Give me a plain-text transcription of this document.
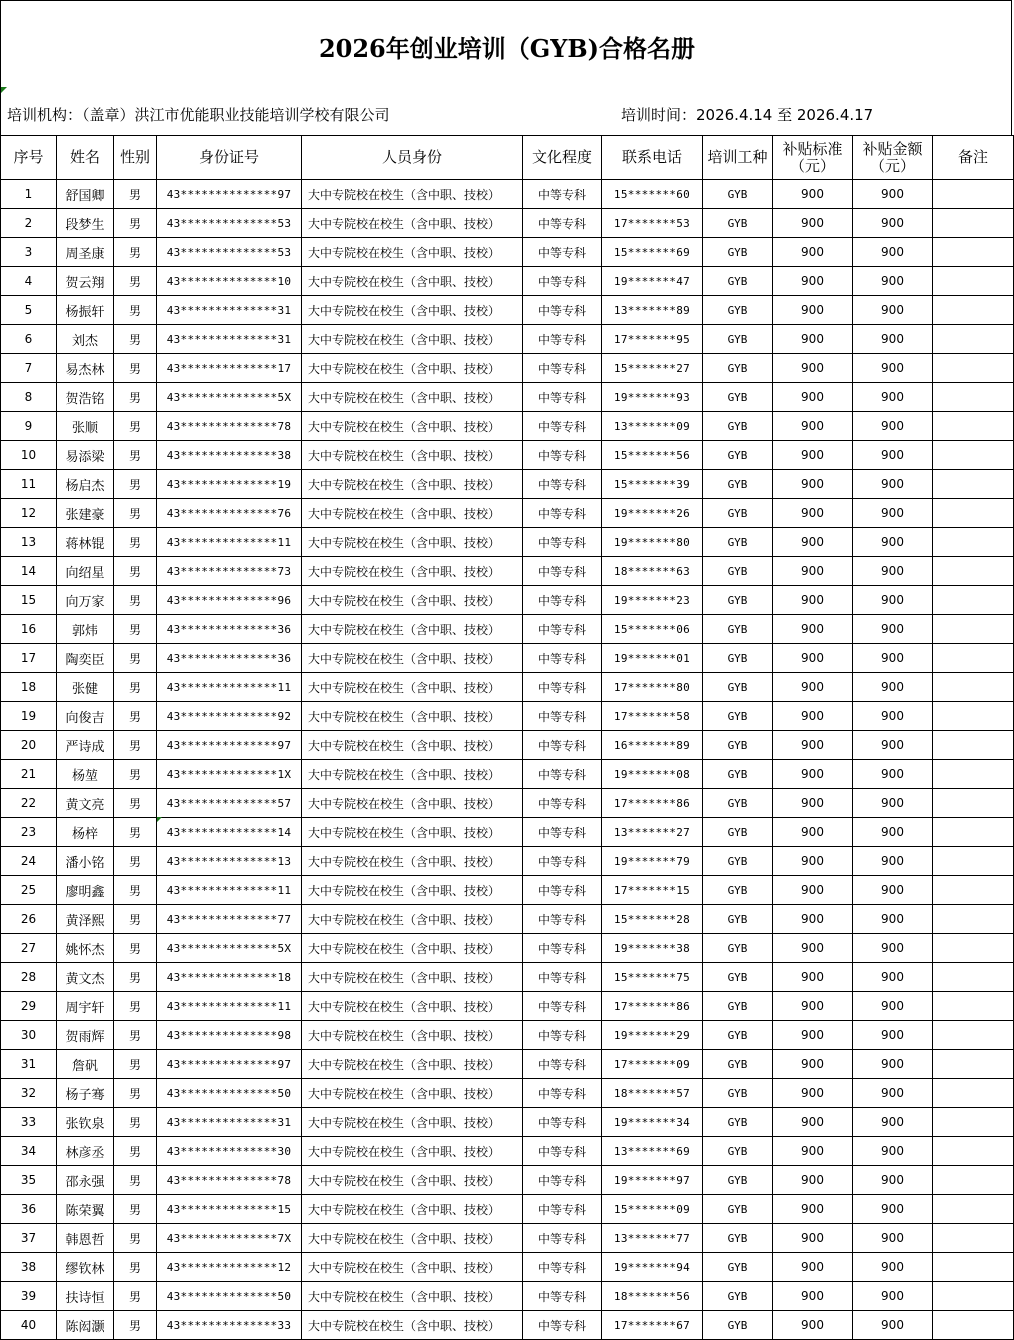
2026年创业培训（GYB)合格名册
培训机构：（盖章）洪江市优能职业技能培训学校有限公司	培训时间：2026.4.14 至 2026.4.17
序号	姓名	性别	身份证号	人员身份	文化程度	联系电话	培训工种	补贴标准（元）	补贴金额（元）	备注
1	舒国卿	男	43**************97	大中专院校在校生（含中职、技校）	中等专科	15*******60	GYB	900	900	
2	段梦生	男	43**************53	大中专院校在校生（含中职、技校）	中等专科	17*******53	GYB	900	900	
3	周圣康	男	43**************53	大中专院校在校生（含中职、技校）	中等专科	15*******69	GYB	900	900	
4	贺云翔	男	43**************10	大中专院校在校生（含中职、技校）	中等专科	19*******47	GYB	900	900	
5	杨振轩	男	43**************31	大中专院校在校生（含中职、技校）	中等专科	13*******89	GYB	900	900	
6	刘杰	男	43**************31	大中专院校在校生（含中职、技校）	中等专科	17*******95	GYB	900	900	
7	易杰林	男	43**************17	大中专院校在校生（含中职、技校）	中等专科	15*******27	GYB	900	900	
8	贺浩铭	男	43**************5X	大中专院校在校生（含中职、技校）	中等专科	19*******93	GYB	900	900	
9	张顺	男	43**************78	大中专院校在校生（含中职、技校）	中等专科	13*******09	GYB	900	900	
10	易添梁	男	43**************38	大中专院校在校生（含中职、技校）	中等专科	15*******56	GYB	900	900	
11	杨启杰	男	43**************19	大中专院校在校生（含中职、技校）	中等专科	15*******39	GYB	900	900	
12	张建豪	男	43**************76	大中专院校在校生（含中职、技校）	中等专科	19*******26	GYB	900	900	
13	蒋林锟	男	43**************11	大中专院校在校生（含中职、技校）	中等专科	19*******80	GYB	900	900	
14	向绍星	男	43**************73	大中专院校在校生（含中职、技校）	中等专科	18*******63	GYB	900	900	
15	向万家	男	43**************96	大中专院校在校生（含中职、技校）	中等专科	19*******23	GYB	900	900	
16	郭炜	男	43**************36	大中专院校在校生（含中职、技校）	中等专科	15*******06	GYB	900	900	
17	陶奕臣	男	43**************36	大中专院校在校生（含中职、技校）	中等专科	19*******01	GYB	900	900	
18	张健	男	43**************11	大中专院校在校生（含中职、技校）	中等专科	17*******80	GYB	900	900	
19	向俊吉	男	43**************92	大中专院校在校生（含中职、技校）	中等专科	17*******58	GYB	900	900	
20	严诗成	男	43**************97	大中专院校在校生（含中职、技校）	中等专科	16*******89	GYB	900	900	
21	杨堃	男	43**************1X	大中专院校在校生（含中职、技校）	中等专科	19*******08	GYB	900	900	
22	黄文亮	男	43**************57	大中专院校在校生（含中职、技校）	中等专科	17*******86	GYB	900	900	
23	杨梓	男	43**************14	大中专院校在校生（含中职、技校）	中等专科	13*******27	GYB	900	900	
24	潘小铭	男	43**************13	大中专院校在校生（含中职、技校）	中等专科	19*******79	GYB	900	900	
25	廖明鑫	男	43**************11	大中专院校在校生（含中职、技校）	中等专科	17*******15	GYB	900	900	
26	黄泽熙	男	43**************77	大中专院校在校生（含中职、技校）	中等专科	15*******28	GYB	900	900	
27	姚怀杰	男	43**************5X	大中专院校在校生（含中职、技校）	中等专科	19*******38	GYB	900	900	
28	黄文杰	男	43**************18	大中专院校在校生（含中职、技校）	中等专科	15*******75	GYB	900	900	
29	周宇轩	男	43**************11	大中专院校在校生（含中职、技校）	中等专科	17*******86	GYB	900	900	
30	贺雨辉	男	43**************98	大中专院校在校生（含中职、技校）	中等专科	19*******29	GYB	900	900	
31	詹矾	男	43**************97	大中专院校在校生（含中职、技校）	中等专科	17*******09	GYB	900	900	
32	杨子骞	男	43**************50	大中专院校在校生（含中职、技校）	中等专科	18*******57	GYB	900	900	
33	张钦泉	男	43**************31	大中专院校在校生（含中职、技校）	中等专科	19*******34	GYB	900	900	
34	林彦丞	男	43**************30	大中专院校在校生（含中职、技校）	中等专科	13*******69	GYB	900	900	
35	邵永强	男	43**************78	大中专院校在校生（含中职、技校）	中等专科	19*******97	GYB	900	900	
36	陈荣翼	男	43**************15	大中专院校在校生（含中职、技校）	中等专科	15*******09	GYB	900	900	
37	韩恩哲	男	43**************7X	大中专院校在校生（含中职、技校）	中等专科	13*******77	GYB	900	900	
38	缪钦林	男	43**************12	大中专院校在校生（含中职、技校）	中等专科	19*******94	GYB	900	900	
39	扶诗恒	男	43**************50	大中专院校在校生（含中职、技校）	中等专科	18*******56	GYB	900	900	
40	陈闳灏	男	43**************33	大中专院校在校生（含中职、技校）	中等专科	17*******67	GYB	900	900	
